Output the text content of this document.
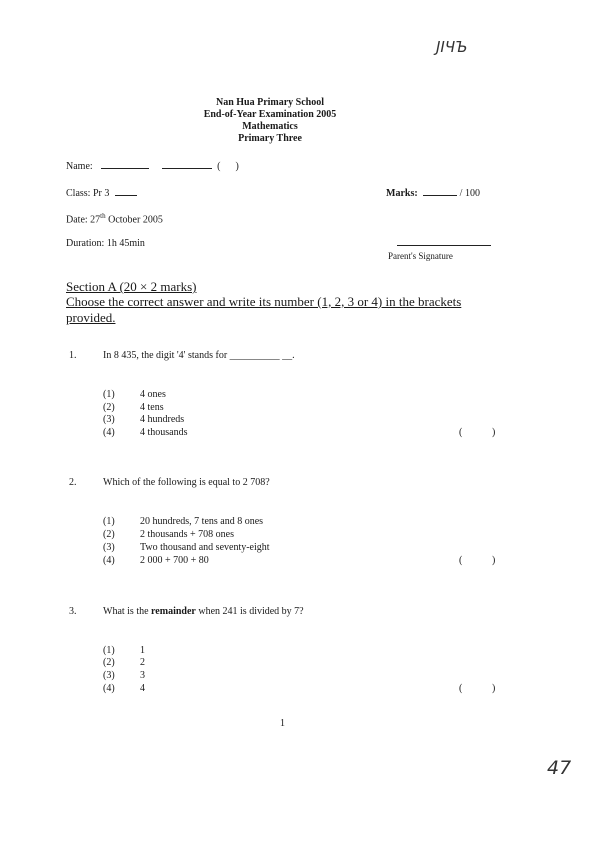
ЈІЧЪ
47
Nan Hua Primary School
End-of-Year Examination 2005
Mathematics
Primary Three
Name:	(      )
Class: Pr 3	Marks:	/ 100
Date: 27th October 2005
Duration: 1h 45min
Parent's Signature
Section A (20 × 2 marks)
Choose the correct answer and write its number (1, 2, 3 or 4) in the brackets
provided.
1.	In 8 435, the digit '4' stands for __________ __.
(1)	4 ones
(2)	4 tens
(3)	4 hundreds
(4)	4 thousands	(	)
2.	Which of the following is equal to 2 708?
(1)	20 hundreds, 7 tens and 8 ones
(2)	2 thousands + 708 ones
(3)	Two thousand and seventy-eight
(4)	2 000 + 700 + 80	(	)
3.	What is the remainder when 241 is divided by 7?
(1)	1
(2)	2
(3)	3
(4)	4	(	)
1
